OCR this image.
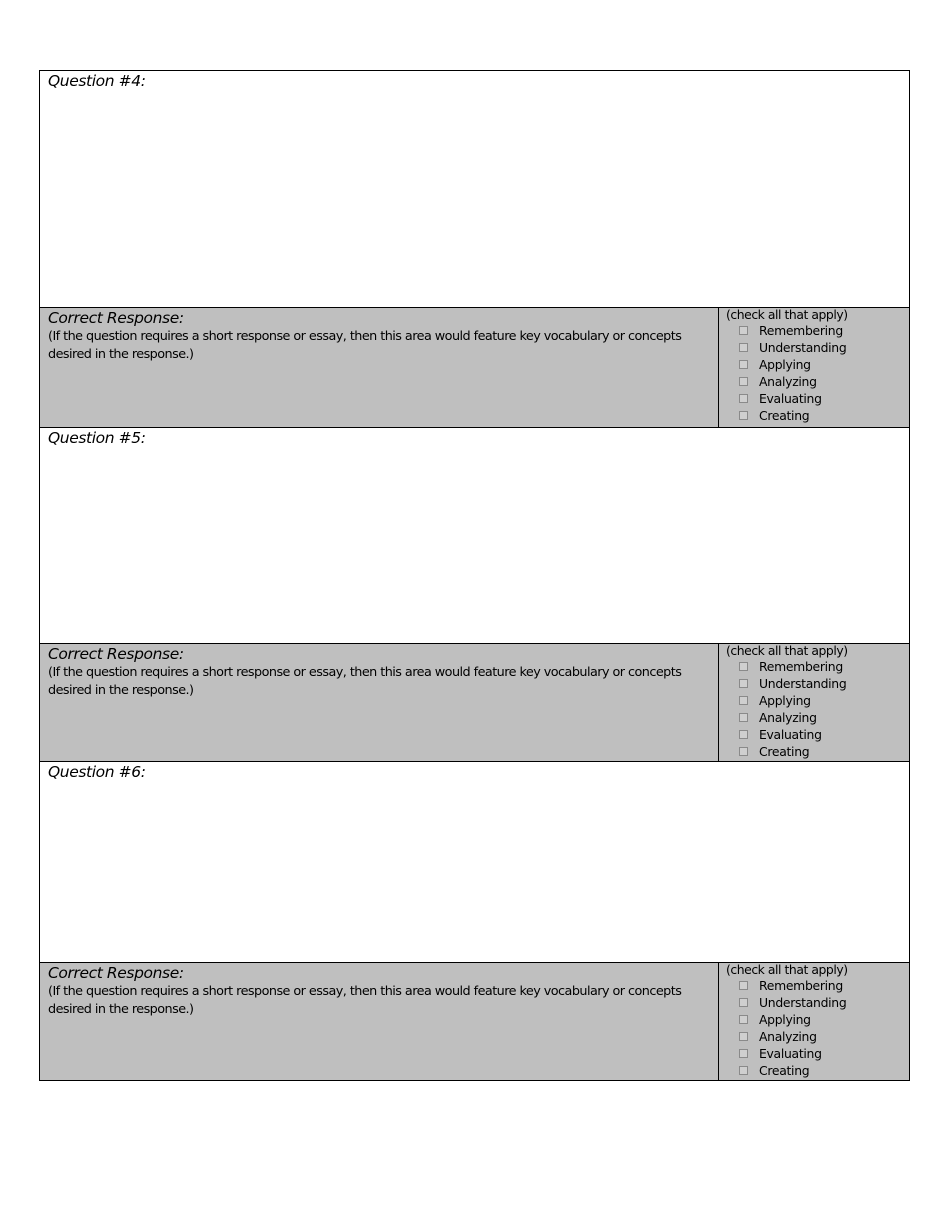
Question #4:
Correct Response:
(If the question requires a short response or essay, then this area would feature key vocabulary or concepts desired in the response.)
(check all that apply)
Remembering
Understanding
Applying
Analyzing
Evaluating
Creating
Question #5:
Correct Response:
(If the question requires a short response or essay, then this area would feature key vocabulary or concepts desired in the response.)
(check all that apply)
Remembering
Understanding
Applying
Analyzing
Evaluating
Creating
Question #6:
Correct Response:
(If the question requires a short response or essay, then this area would feature key vocabulary or concepts desired in the response.)
(check all that apply)
Remembering
Understanding
Applying
Analyzing
Evaluating
Creating
